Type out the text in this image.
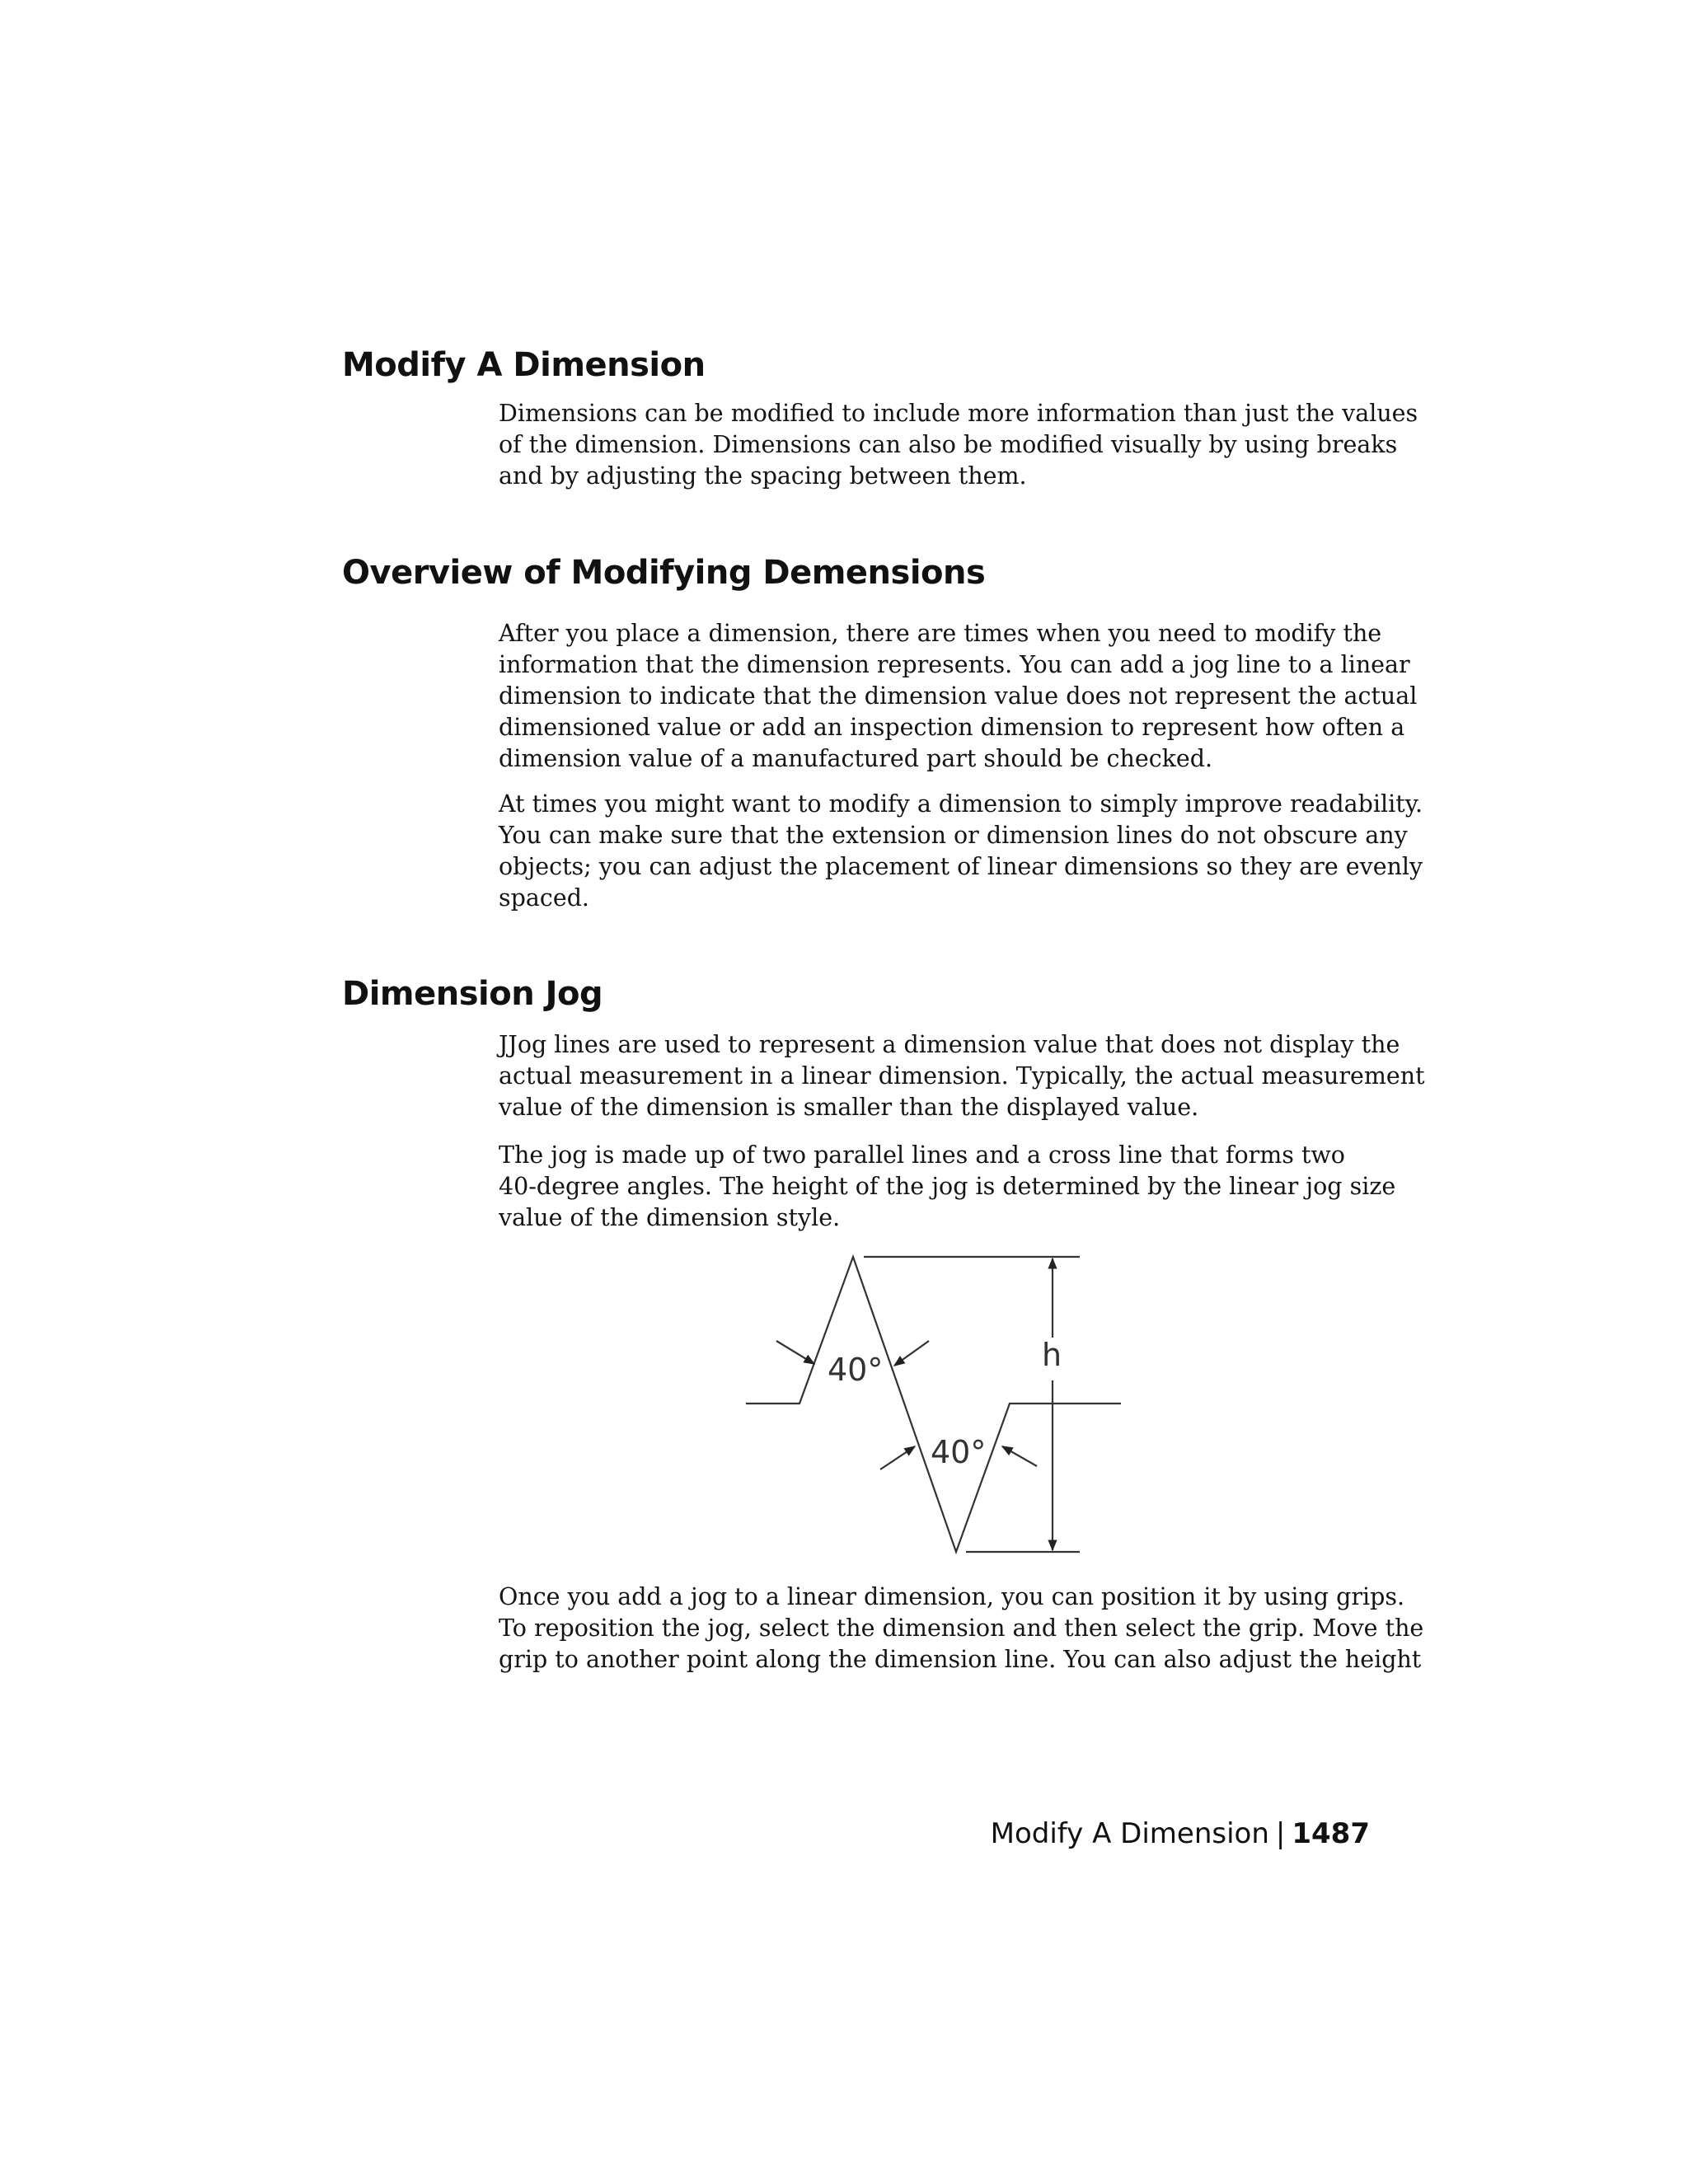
Modify A Dimension

Dimensions can be modified to include more information than just the values
of the dimension. Dimensions can also be modified visually by using breaks
and by adjusting the spacing between them.

Overview of Modifying Demensions

After you place a dimension, there are times when you need to modify the
information that the dimension represents. You can add a jog line to a linear
dimension to indicate that the dimension value does not represent the actual
dimensioned value or add an inspection dimension to represent how often a
dimension value of a manufactured part should be checked.

At times you might want to modify a dimension to simply improve readability.
You can make sure that the extension or dimension lines do not obscure any
objects; you can adjust the placement of linear dimensions so they are evenly
spaced.

Dimension Jog

JJog lines are used to represent a dimension value that does not display the
actual measurement in a linear dimension. Typically, the actual measurement
value of the dimension is smaller than the displayed value.

The jog is made up of two parallel lines and a cross line that forms two
40-degree angles. The height of the jog is determined by the linear jog size
value of the dimension style.

40°
40°
h

Once you add a jog to a linear dimension, you can position it by using grips.
To reposition the jog, select the dimension and then select the grip. Move the
grip to another point along the dimension line. You can also adjust the height

Modify A Dimension | 1487
